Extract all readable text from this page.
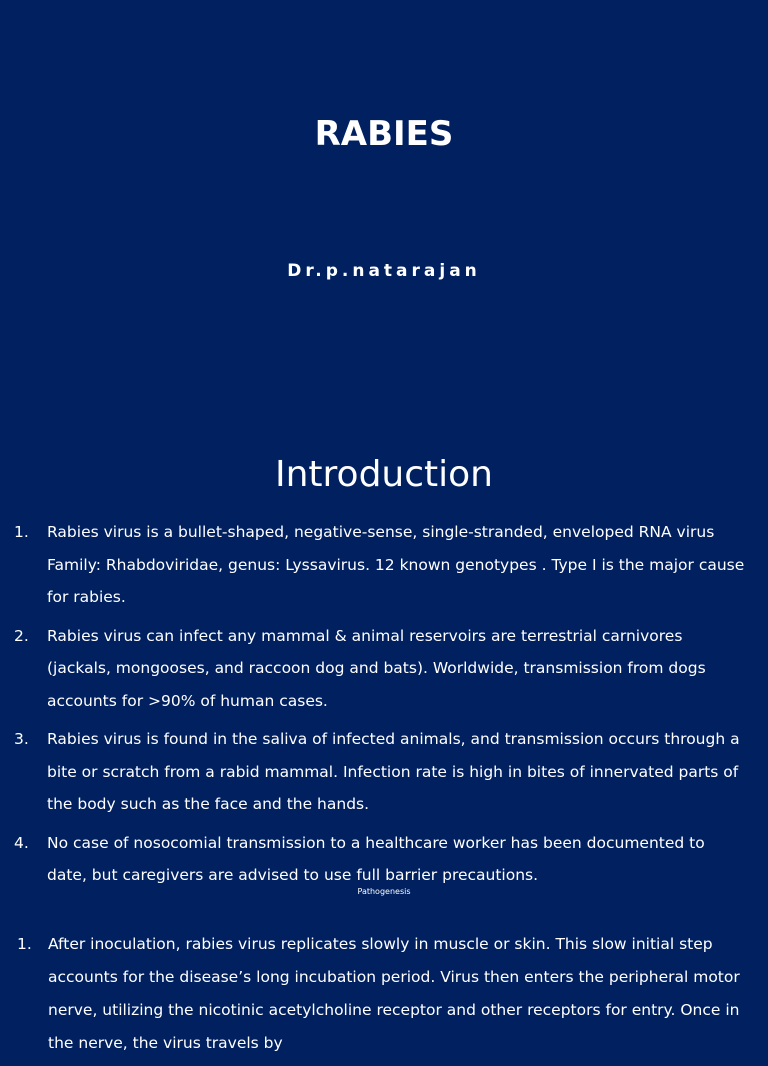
RABIES

Dr.p.natarajan

Introduction
1. Rabies virus is a bullet-shaped, negative-sense, single-stranded, enveloped RNA virus Family: Rhabdoviridae, genus: Lyssavirus. 12 known genotypes . Type I is the major cause for rabies.
2. Rabies virus can infect any mammal & animal reservoirs are terrestrial carnivores (jackals, mongooses, and raccoon dog and bats). Worldwide, transmission from dogs accounts for >90% of human cases.
3. Rabies virus is found in the saliva of infected animals, and transmission occurs through a bite or scratch from a rabid mammal. Infection rate is high in bites of innervated parts of the body such as the face and the hands.
4. No case of nosocomial transmission to a healthcare worker has been documented to date, but caregivers are advised to use full barrier precautions.
Pathogenesis
1. After inoculation, rabies virus replicates slowly in muscle or skin. This slow initial step accounts for the disease’s long incubation period. Virus then enters the peripheral motor nerve, utilizing the nicotinic acetylcholine receptor and other receptors for entry. Once in the nerve, the virus travels by
